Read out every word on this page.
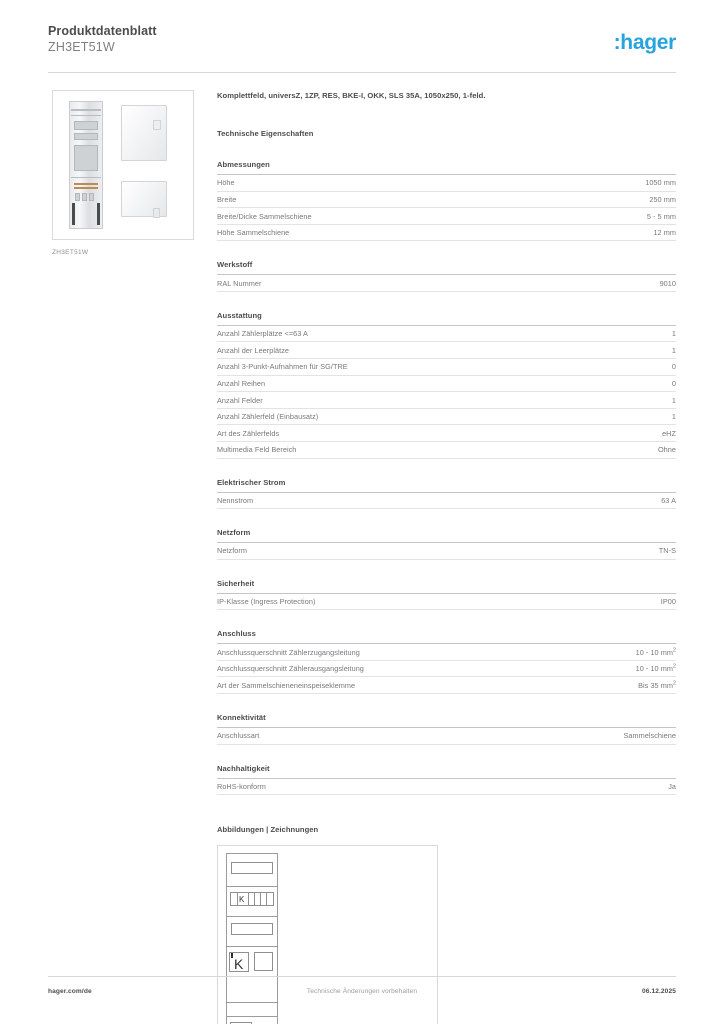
Produktdatenblatt
ZH3ET51W	:hager
ZH3ET51W
Komplettfeld, universZ, 1ZP, RES, BKE-I, OKK, SLS 35A, 1050x250, 1-feld.
Technische Eigenschaften
Abmessungen
Höhe	1050 mm
Breite	250 mm
Breite/Dicke Sammelschiene	5 - 5 mm
Höhe Sammelschiene	12 mm
Werkstoff
RAL Nummer	9010
Ausstattung
Anzahl Zählerplätze <=63 A	1
Anzahl der Leerplätze	1
Anzahl 3-Punkt-Aufnahmen für SG/TRE	0
Anzahl Reihen	0
Anzahl Felder	1
Anzahl Zählerfeld (Einbausatz)	1
Art des Zählerfelds	eHZ
Multimedia Feld Bereich	Ohne
Elektrischer Strom
Nennstrom	63 A
Netzform
Netzform	TN-S
Sicherheit
IP-Klasse (Ingress Protection)	IP00
Anschluss
Anschlussquerschnitt Zählerzugangsleitung	10 - 10 $mm^2$
Anschlussquerschnitt Zählerausgangsleitung	10 - 10 $mm^2$
Art der Sammelschieneneinspeiseklemme	Bis 35 $mm^2$
Konnektivität
Anschlussart	Sammelschiene
Nachhaltigkeit
RoHS-konform	Ja
Abbildungen | Zeichnungen
K
K
hager.com/de	Technische Änderungen vorbehalten	06.12.2025
